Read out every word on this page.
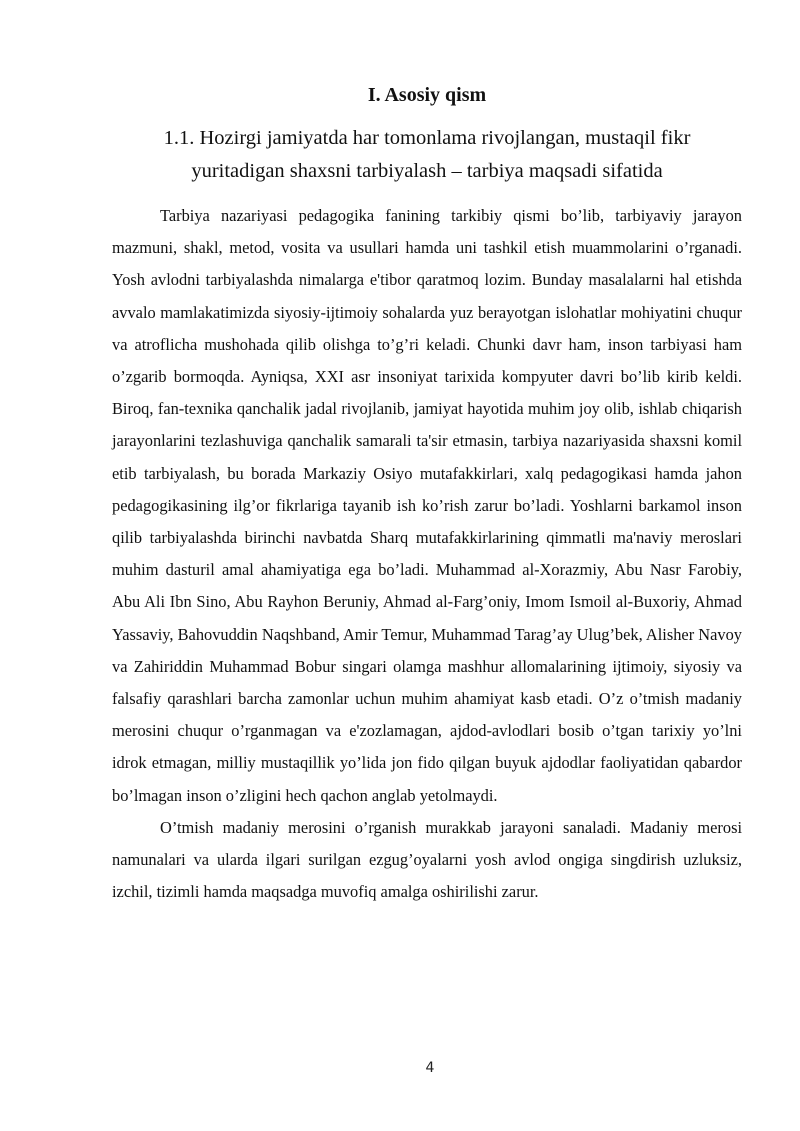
I. Asosiy qism
1.1. Hozirgi jamiyatda har tomonlama rivojlangan, mustaqil fikr
yuritadigan shaxsni tarbiyalash – tarbiya maqsadi sifatida

Tarbiya nazariyasi pedagogika fanining tarkibiy qismi bo’lib, tarbiyaviy jarayon mazmuni, shakl, metod, vosita va usullari hamda uni tashkil etish muammolarini o’rganadi. Yosh avlodni tarbiyalashda nimalarga e'tibor qaratmoq lozim. Bunday masalalarni hal etishda avvalo mamlakatimizda siyosiy-ijtimoiy sohalarda yuz berayotgan islohatlar mohiyatini chuqur va atroflicha mushohada qilib olishga to’g’ri keladi. Chunki davr ham, inson tarbiyasi ham o’zgarib bormoqda. Ayniqsa, XXI asr insoniyat tarixida kompyuter davri bo’lib kirib keldi. Biroq, fan-texnika qanchalik jadal rivojlanib, jamiyat hayotida muhim joy olib, ishlab chiqarish jarayonlarini tezlashuviga qanchalik samarali ta'sir etmasin, tarbiya nazariyasida shaxsni komil etib tarbiyalash, bu borada Markaziy Osiyo mutafakkirlari, xalq pedagogikasi hamda jahon pedagogikasining ilg’or fikrlariga tayanib ish ko’rish zarur bo’ladi. Yoshlarni barkamol inson qilib tarbiyalashda birinchi navbatda Sharq mutafakkirlarining qimmatli ma'naviy meroslari muhim dasturil amal ahamiyatiga ega bo’ladi. Muhammad al-Xorazmiy, Abu Nasr Farobiy, Abu Ali Ibn Sino, Abu Rayhon Beruniy, Ahmad al-Farg’oniy, Imom Ismoil al-Buxoriy, Ahmad Yassaviy, Bahovuddin Naqshband, Amir Temur, Muhammad Tarag’ay Ulug’bek, Alisher Navoy va Zahiriddin Muhammad Bobur singari olamga mashhur allomalarining ijtimoiy, siyosiy va falsafiy qarashlari barcha zamonlar uchun muhim ahamiyat kasb etadi. O’z o’tmish madaniy merosini chuqur o’rganmagan va e'zozlamagan, ajdod-avlodlari bosib o’tgan tarixiy yo’lni idrok etmagan, milliy mustaqillik yo’lida jon fido qilgan buyuk ajdodlar faoliyatidan qabardor bo’lmagan inson o’zligini hech qachon anglab yetolmaydi.

O’tmish madaniy merosini o’rganish murakkab jarayoni sanaladi. Madaniy merosi namunalari va ularda ilgari surilgan ezgug’oyalarni yosh avlod ongiga singdirish uzluksiz, izchil, tizimli hamda maqsadga muvofiq amalga oshirilishi zarur.

4
